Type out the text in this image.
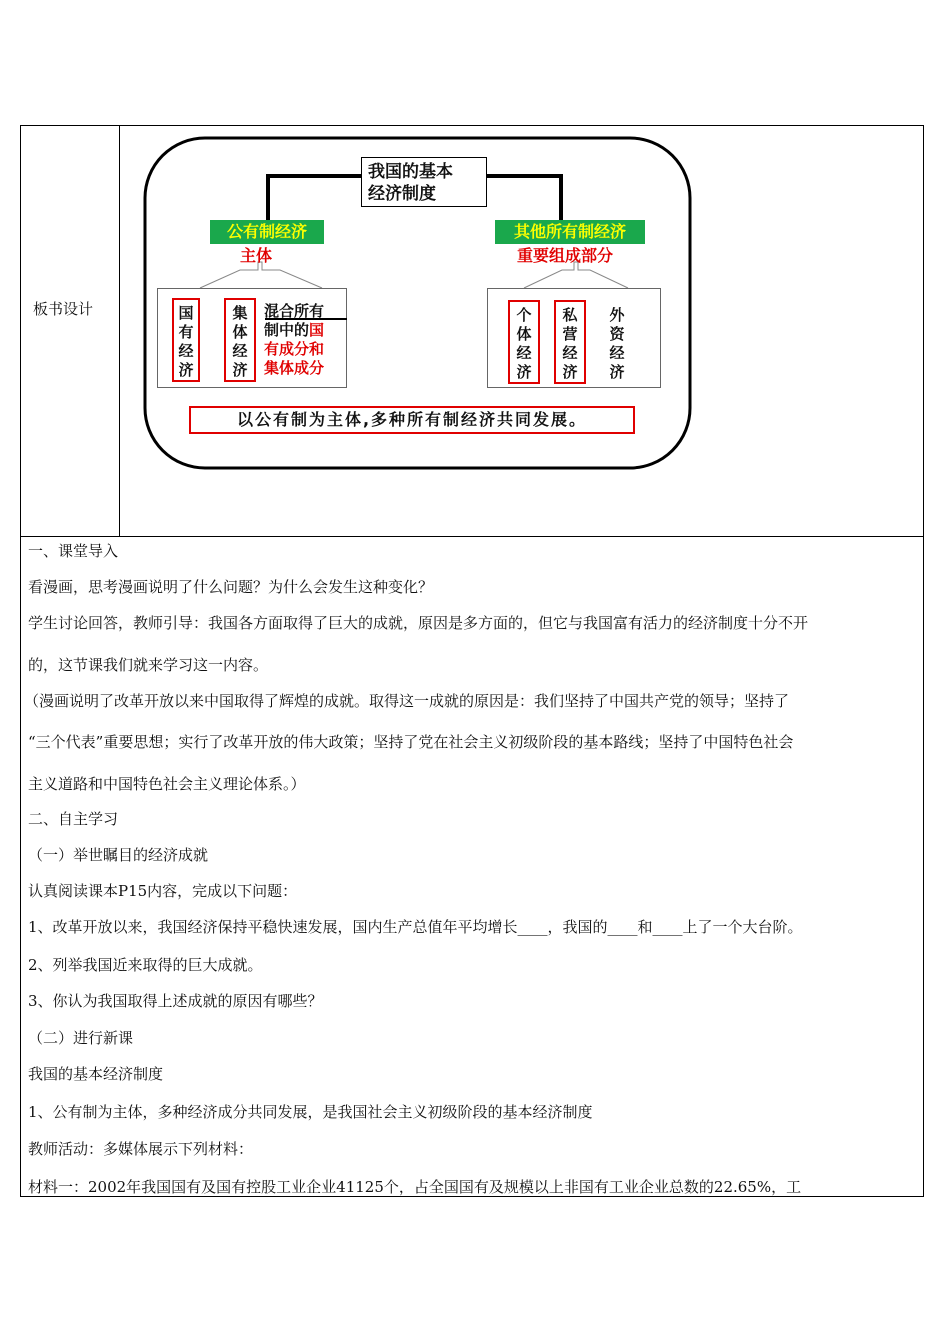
板书设计
我国的基本
经济制度
公有制经济
主体
其他所有制经济
重要组成部分
国有经济
集体经济
混合所有
制中的国
有成分和
集体成分
个体经济
私营经济
外资经济
以公有制为主体,多种所有制经济共同发展。

一、课堂导入

看漫画，思考漫画说明了什么问题？为什么会发生这种变化？

学生讨论回答，教师引导：我国各方面取得了巨大的成就，原因是多方面的，但它与我国富有活力的经济制度十分不开

的，这节课我们就来学习这一内容。

（漫画说明了改革开放以来中国取得了辉煌的成就。取得这一成就的原因是：我们坚持了中国共产党的领导；坚持了

“三个代表”重要思想；实行了改革开放的伟大政策；坚持了党在社会主义初级阶段的基本路线；坚持了中国特色社会

主义道路和中国特色社会主义理论体系。）

二、自主学习

（一）举世瞩目的经济成就

认真阅读课本P15内容，完成以下问题：

1、改革开放以来，我国经济保持平稳快速发展，国内生产总值年平均增长____，我国的____和____上了一个大台阶。

2、列举我国近来取得的巨大成就。

3、你认为我国取得上述成就的原因有哪些？

（二）进行新课

我国的基本经济制度

1、公有制为主体，多种经济成分共同发展，是我国社会主义初级阶段的基本经济制度

教师活动：多媒体展示下列材料：

材料一：2002年我国国有及国有控股工业企业41125个，占全国国有及规模以上非国有工业企业总数的22.65%，工
